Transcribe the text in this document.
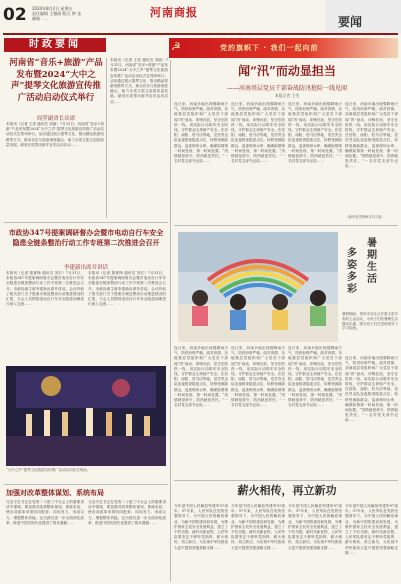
02 2024年8月2日 星期五
责任编辑 王雅丽 版式 钟 龙
邮箱：...	河南商报
要闻
时政要闻	☭	党的旗帜下 · 我们一起向前
河南省“音乐+旅游”产品发布暨2024“大中之声”提琴文化旅游宣传推广活动启动仪式举行
周霁副省长出席
本报讯（记者 王美 通讯员 刘丽）7月31日，河南省“音乐+旅游”产品发布暨2024“大中之声”提琴文化旅游宣传推广活动启动仪式在郑州举行。活动通过展示提琴文化、推出精品旅游线路等方式，推动音乐与旅游深度融合，助力全省文旅文创高质量发展。副省长周霁出席并宣布活动启动……
本报讯（记者 王美 通讯员 刘丽）7月31日，河南省“音乐+旅游”产品发布暨2024“大中之声”提琴文化旅游宣传推广活动启动仪式在郑州举行。活动通过展示提琴文化、推出精品旅游线路等方式，推动音乐与旅游深度融合，助力全省文旅文创高质量发展。副省长周霁出席并宣布活动启动……
市政协347号提案调研督办会暨市电动自行车安全隐患全链条整治行动工作专班第二次推进会召开
李建新出席并讲话
本报讯（记者 陈夏锋 通讯员 刘宏）7月31日，市政协347号提案调研督办会暨市电动自行车安全隐患全链条整治行动工作专班第二次推进会召开。市政协副主席李建新出席并讲话。会议听取了相关部门关于提案办理及整治行动推进情况的汇报，与会人员围绕电动自行车安全隐患治理进行深入交流……
本报讯（记者 陈夏锋 通讯员 刘宏）7月31日，市政协347号提案调研督办会暨市电动自行车安全隐患全链条整治行动工作专班第二次推进会召开。市政协副主席李建新出席并讲话。会议听取了相关部门关于提案办理及整治行动推进情况的汇报，与会人员围绕电动自行车安全隐患治理进行深入交流……
“大中之声”提琴文化旅游宣传推广活动启动仪式现场。
加强对改革整体谋划、系统布局
习近平总书记在党的二十届三中全会上的重要讲话中强调，要加强对改革整体谋划、系统布局，使各项改革举措协同配套、同向发力、形成合力，增强整体效能。这为我们进一步全面深化改革、推进中国式现代化提供了根本遵循……
习近平总书记在党的二十届三中全会上的重要讲话中强调，要加强对改革整体谋划、系统布局，使各项改革举措协同配套、同向发力、形成合力，增强整体效能。这为我们进一步全面深化改革、推进中国式现代化提供了根本遵循……
闻“汛”而动显担当
——河南基层党员干部奋战防汛抢险一线见闻
本报记者 王雪
连日来，河南多地出现强降雨天气，防汛形势严峻。面对汛情，各地基层党组织和广大党员干部闻“汛”而动、冲锋在前，坚守在防汛一线，用实际行动筑牢安全防线，守护群众生命财产安全。在信阳、南阳、驻马店等地，党员突击队连夜排查隐患点位，转移受威胁群众，巡查堤坝水库，确保险情第一时间发现、第一时间处置。“汛情就是命令，防汛就是责任。”一名村党支部书记说……
连日来，河南多地出现强降雨天气，防汛形势严峻。面对汛情，各地基层党组织和广大党员干部闻“汛”而动、冲锋在前，坚守在防汛一线，用实际行动筑牢安全防线，守护群众生命财产安全。在信阳、南阳、驻马店等地，党员突击队连夜排查隐患点位，转移受威胁群众，巡查堤坝水库，确保险情第一时间发现、第一时间处置。“汛情就是命令，防汛就是责任。”一名村党支部书记说……
连日来，河南多地出现强降雨天气，防汛形势严峻。面对汛情，各地基层党组织和广大党员干部闻“汛”而动、冲锋在前，坚守在防汛一线，用实际行动筑牢安全防线，守护群众生命财产安全。在信阳、南阳、驻马店等地，党员突击队连夜排查隐患点位，转移受威胁群众，巡查堤坝水库，确保险情第一时间发现、第一时间处置。“汛情就是命令，防汛就是责任。”一名村党支部书记说……
连日来，河南多地出现强降雨天气，防汛形势严峻。面对汛情，各地基层党组织和广大党员干部闻“汛”而动、冲锋在前，坚守在防汛一线，用实际行动筑牢安全防线，守护群众生命财产安全。在信阳、南阳、驻马店等地，党员突击队连夜排查隐患点位，转移受威胁群众，巡查堤坝水库，确保险情第一时间发现、第一时间处置。“汛情就是命令，防汛就是责任。”一名村党支部书记说……
（新华社郑州8月1日电）
多姿多彩
暑期生活
暑假期间，郑州市各社区开展丰富多彩的公益活动，为孩子们的暑期生活增添乐趣。图为孩子们在老师指导下学习绘画。
薪火相传，再立新功
今年是中国人民解放军建军97周年。97年来，人民军队在党的坚强领导下，为中国人民的解放事业、为新中国的建设和发展、为维护国家主权安全发展利益，建立了不朽功勋。新时代新征程，人民军队要坚定不移听党指挥，薪火相传、再立新功，为实现中华民族伟大复兴提供坚强战略支撑……
今年是中国人民解放军建军97周年。97年来，人民军队在党的坚强领导下，为中国人民的解放事业、为新中国的建设和发展、为维护国家主权安全发展利益，建立了不朽功勋。新时代新征程，人民军队要坚定不移听党指挥，薪火相传、再立新功，为实现中华民族伟大复兴提供坚强战略支撑……
今年是中国人民解放军建军97周年。97年来，人民军队在党的坚强领导下，为中国人民的解放事业、为新中国的建设和发展、为维护国家主权安全发展利益，建立了不朽功勋。新时代新征程，人民军队要坚定不移听党指挥，薪火相传、再立新功，为实现中华民族伟大复兴提供坚强战略支撑……
今年是中国人民解放军建军97周年。97年来，人民军队在党的坚强领导下，为中国人民的解放事业、为新中国的建设和发展、为维护国家主权安全发展利益，建立了不朽功勋。新时代新征程，人民军队要坚定不移听党指挥，薪火相传、再立新功，为实现中华民族伟大复兴提供坚强战略支撑……
连日来，河南多地出现强降雨天气，防汛形势严峻。面对汛情，各地基层党组织和广大党员干部闻“汛”而动、冲锋在前，坚守在防汛一线，用实际行动筑牢安全防线，守护群众生命财产安全。在信阳、南阳、驻马店等地，党员突击队连夜排查隐患点位，转移受威胁群众，巡查堤坝水库，确保险情第一时间发现、第一时间处置。“汛情就是命令，防汛就是责任。”一名村党支部书记说……
连日来，河南多地出现强降雨天气，防汛形势严峻。面对汛情，各地基层党组织和广大党员干部闻“汛”而动、冲锋在前，坚守在防汛一线，用实际行动筑牢安全防线，守护群众生命财产安全。在信阳、南阳、驻马店等地，党员突击队连夜排查隐患点位，转移受威胁群众，巡查堤坝水库，确保险情第一时间发现、第一时间处置。“汛情就是命令，防汛就是责任。”一名村党支部书记说……
连日来，河南多地出现强降雨天气，防汛形势严峻。面对汛情，各地基层党组织和广大党员干部闻“汛”而动、冲锋在前，坚守在防汛一线，用实际行动筑牢安全防线，守护群众生命财产安全。在信阳、南阳、驻马店等地，党员突击队连夜排查隐患点位，转移受威胁群众，巡查堤坝水库，确保险情第一时间发现、第一时间处置。“汛情就是命令，防汛就是责任。”一名村党支部书记说……
连日来，河南多地出现强降雨天气，防汛形势严峻。面对汛情，各地基层党组织和广大党员干部闻“汛”而动、冲锋在前，坚守在防汛一线，用实际行动筑牢安全防线，守护群众生命财产安全。在信阳、南阳、驻马店等地，党员突击队连夜排查隐患点位，转移受威胁群众，巡查堤坝水库，确保险情第一时间发现、第一时间处置。“汛情就是命令，防汛就是责任。”一名村党支部书记说……
